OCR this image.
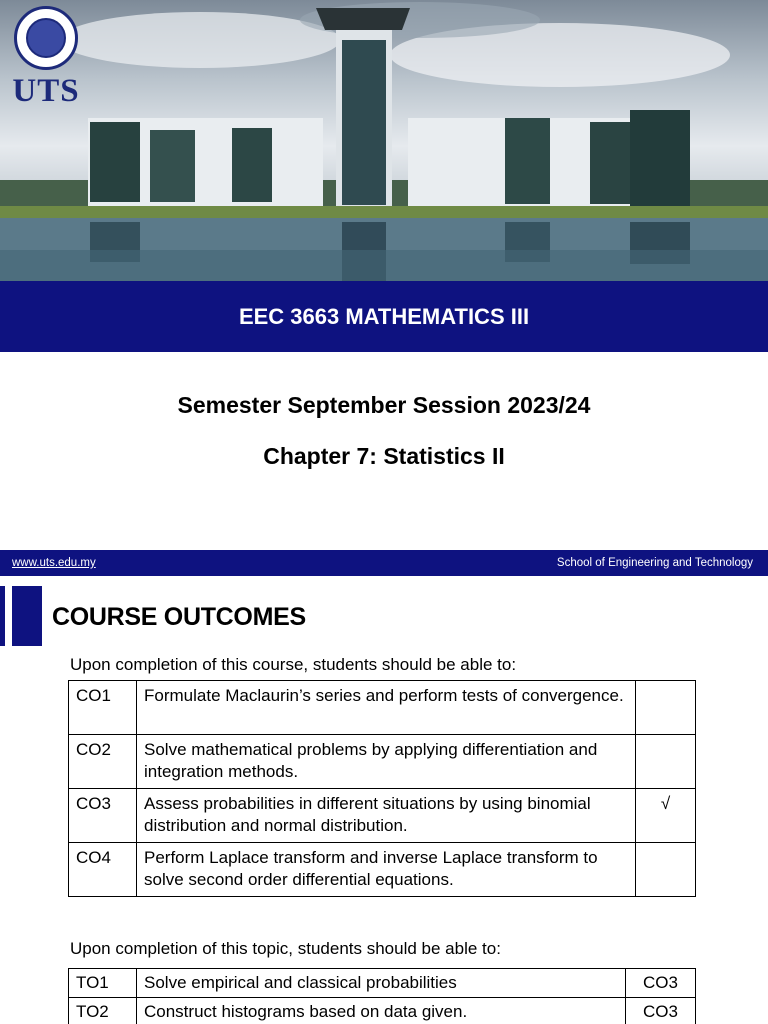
UTS
EEC 3663 MATHEMATICS III
Semester September Session 2023/24
Chapter 7: Statistics II
www.uts.edu.my	School of Engineering and Technology
COURSE OUTCOMES
Upon completion of this course, students should be able to:
CO1	Formulate Maclaurin’s series and perform tests of convergence.	
CO2	Solve mathematical problems by applying differentiation and integration methods.	
CO3	Assess probabilities in different situations by using binomial distribution and normal distribution.	√
CO4	Perform Laplace transform and inverse Laplace transform to solve second order differential equations.	
Upon completion of this topic, students should be able to:
TO1	Solve empirical and classical probabilities	CO3
TO2	Construct histograms based on data given.	CO3
